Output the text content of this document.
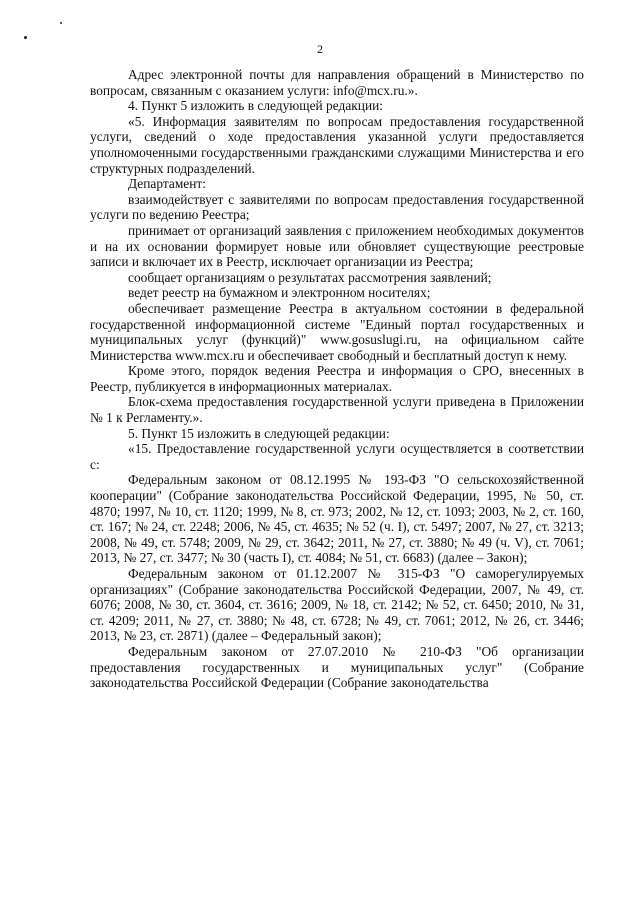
2

Адрес электронной почты для направления обращений в Министерство по вопросам, связанным с оказанием услуги: info@mcx.ru.».

4. Пункт 5 изложить в следующей редакции:

«5. Информация заявителям по вопросам предоставления государственной услуги, сведений о ходе предоставления указанной услуги предоставляется уполномоченными государственными гражданскими служащими Министерства и его структурных подразделений.

Департамент:

взаимодействует с заявителями по вопросам предоставления государственной услуги по ведению Реестра;

принимает от организаций заявления с приложением необходимых документов и на их основании формирует новые или обновляет существующие реестровые записи и включает их в Реестр, исключает организации из Реестра;

сообщает организациям о результатах рассмотрения заявлений;

ведет реестр на бумажном и электронном носителях;

обеспечивает размещение Реестра в актуальном состоянии в федеральной государственной информационной системе "Единый портал государственных и муниципальных услуг (функций)" www.gosuslugi.ru, на официальном сайте Министерства www.mcx.ru и обеспечивает свободный и бесплатный доступ к нему.

Кроме этого, порядок ведения Реестра и информация о СРО, внесенных в Реестр, публикуется в информационных материалах.

Блок-схема предоставления государственной услуги приведена в Приложении № 1 к Регламенту.».

5. Пункт 15 изложить в следующей редакции:

«15. Предоставление государственной услуги осуществляется в соответствии с:

Федеральным законом от 08.12.1995 № 193-ФЗ "О сельскохозяйственной кооперации" (Собрание законодательства Российской Федерации, 1995, № 50, ст. 4870; 1997, № 10, ст. 1120; 1999, № 8, ст. 973; 2002, № 12, ст. 1093; 2003, № 2, ст. 160, ст. 167; № 24, ст. 2248; 2006, № 45, ст. 4635; № 52 (ч. I), ст. 5497; 2007, № 27, ст. 3213; 2008, № 49, ст. 5748; 2009, № 29, ст. 3642; 2011, № 27, ст. 3880; № 49 (ч. V), ст. 7061; 2013, № 27, ст. 3477; № 30 (часть I), ст. 4084; № 51, ст. 6683) (далее – Закон);

Федеральным законом от 01.12.2007 № 315-ФЗ "О саморегулируемых организациях" (Собрание законодательства Российской Федерации, 2007, № 49, ст. 6076; 2008, № 30, ст. 3604, ст. 3616; 2009, № 18, ст. 2142; № 52, ст. 6450; 2010, № 31, ст. 4209; 2011, № 27, ст. 3880; № 48, ст. 6728; № 49, ст. 7061; 2012, № 26, ст. 3446; 2013, № 23, ст. 2871) (далее – Федеральный закон);

Федеральным законом от 27.07.2010 № 210-ФЗ "Об организации предоставления государственных и муниципальных услуг" (Собрание законодательства Российской Федерации (Собрание законодательства
